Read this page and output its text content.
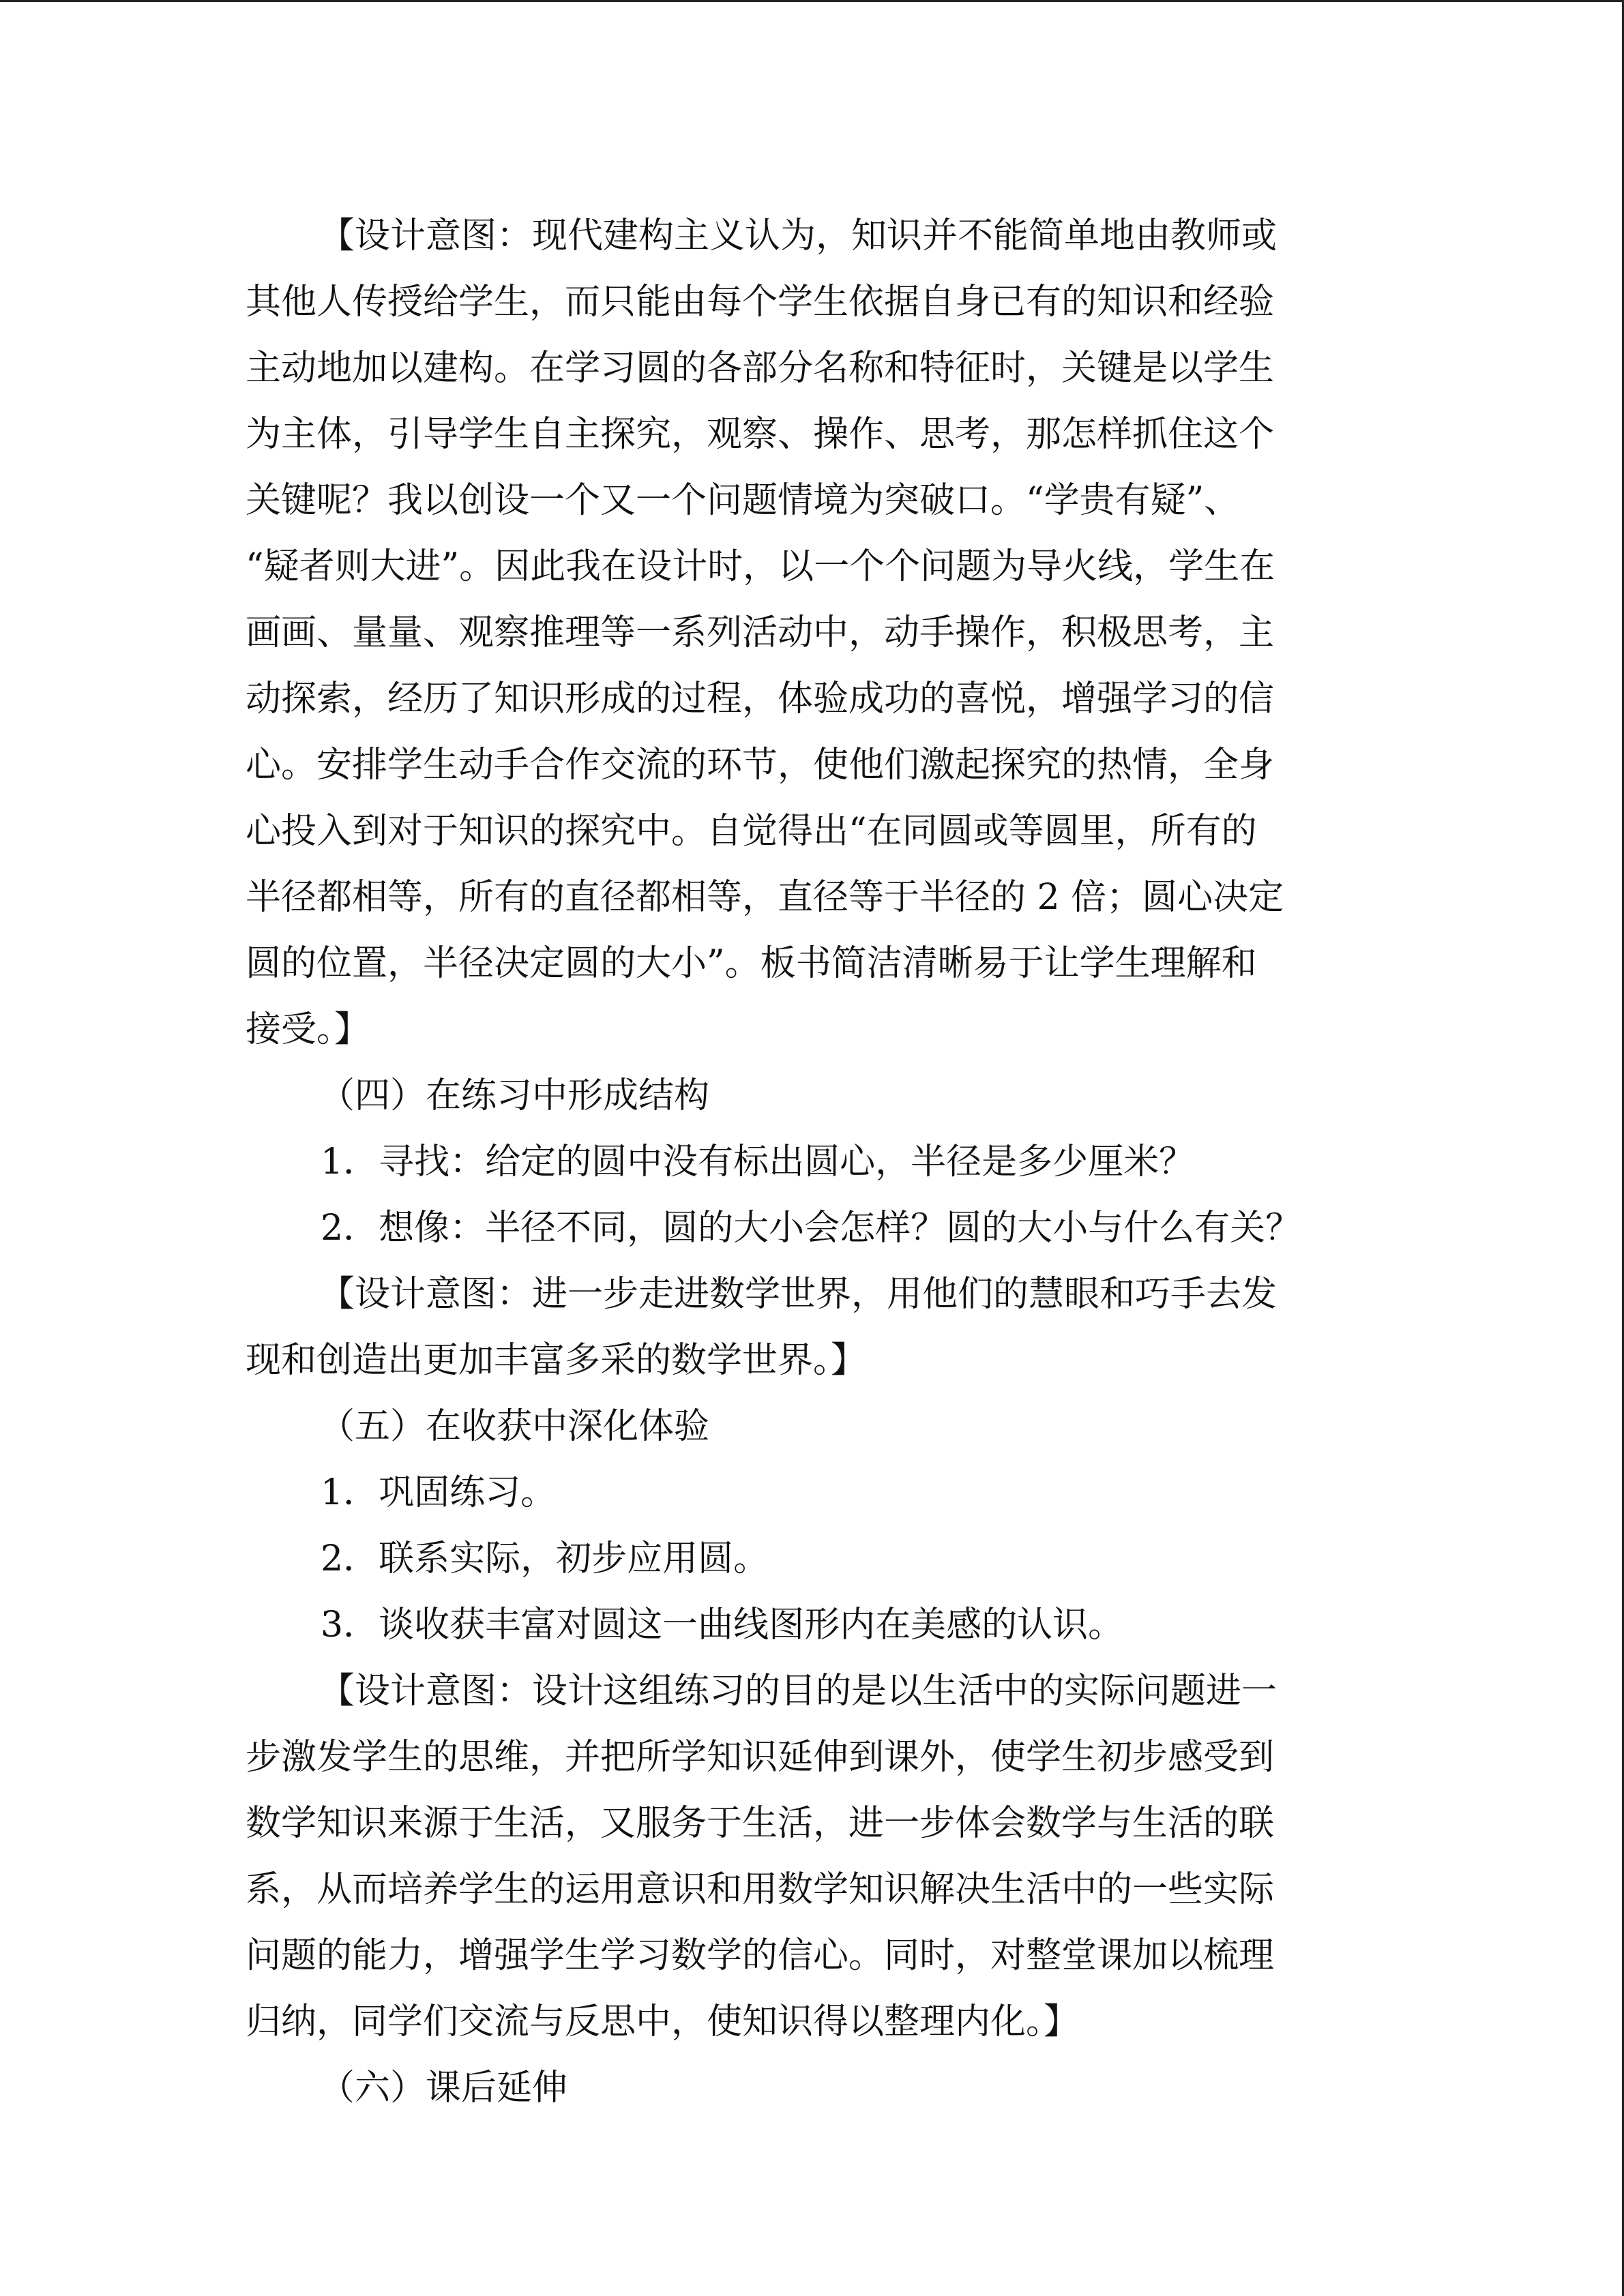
【设计意图：现代建构主义认为，知识并不能简单地由教师或
其他人传授给学生，而只能由每个学生依据自身已有的知识和经验
主动地加以建构。在学习圆的各部分名称和特征时，关键是以学生
为主体，引导学生自主探究，观察、操作、思考，那怎样抓住这个
关键呢？我以创设一个又一个问题情境为突破口。“学贵有疑”、
“疑者则大进”。因此我在设计时，以一个个问题为导火线，学生在
画画、量量、观察推理等一系列活动中，动手操作，积极思考，主
动探索，经历了知识形成的过程，体验成功的喜悦，增强学习的信
心。安排学生动手合作交流的环节，使他们激起探究的热情，全身
心投入到对于知识的探究中。自觉得出“在同圆或等圆里，所有的
半径都相等，所有的直径都相等，直径等于半径的 2 倍；圆心决定
圆的位置，半径决定圆的大小”。板书简洁清晰易于让学生理解和
接受。】
（四）在练习中形成结构
1．寻找：给定的圆中没有标出圆心，半径是多少厘米？
2．想像：半径不同，圆的大小会怎样？圆的大小与什么有关？
【设计意图：进一步走进数学世界，用他们的慧眼和巧手去发
现和创造出更加丰富多采的数学世界。】
（五）在收获中深化体验
1．巩固练习。
2．联系实际，初步应用圆。
3．谈收获丰富对圆这一曲线图形内在美感的认识。
【设计意图：设计这组练习的目的是以生活中的实际问题进一
步激发学生的思维，并把所学知识延伸到课外，使学生初步感受到
数学知识来源于生活，又服务于生活，进一步体会数学与生活的联
系，从而培养学生的运用意识和用数学知识解决生活中的一些实际
问题的能力，增强学生学习数学的信心。同时，对整堂课加以梳理
归纳，同学们交流与反思中，使知识得以整理内化。】
（六）课后延伸
